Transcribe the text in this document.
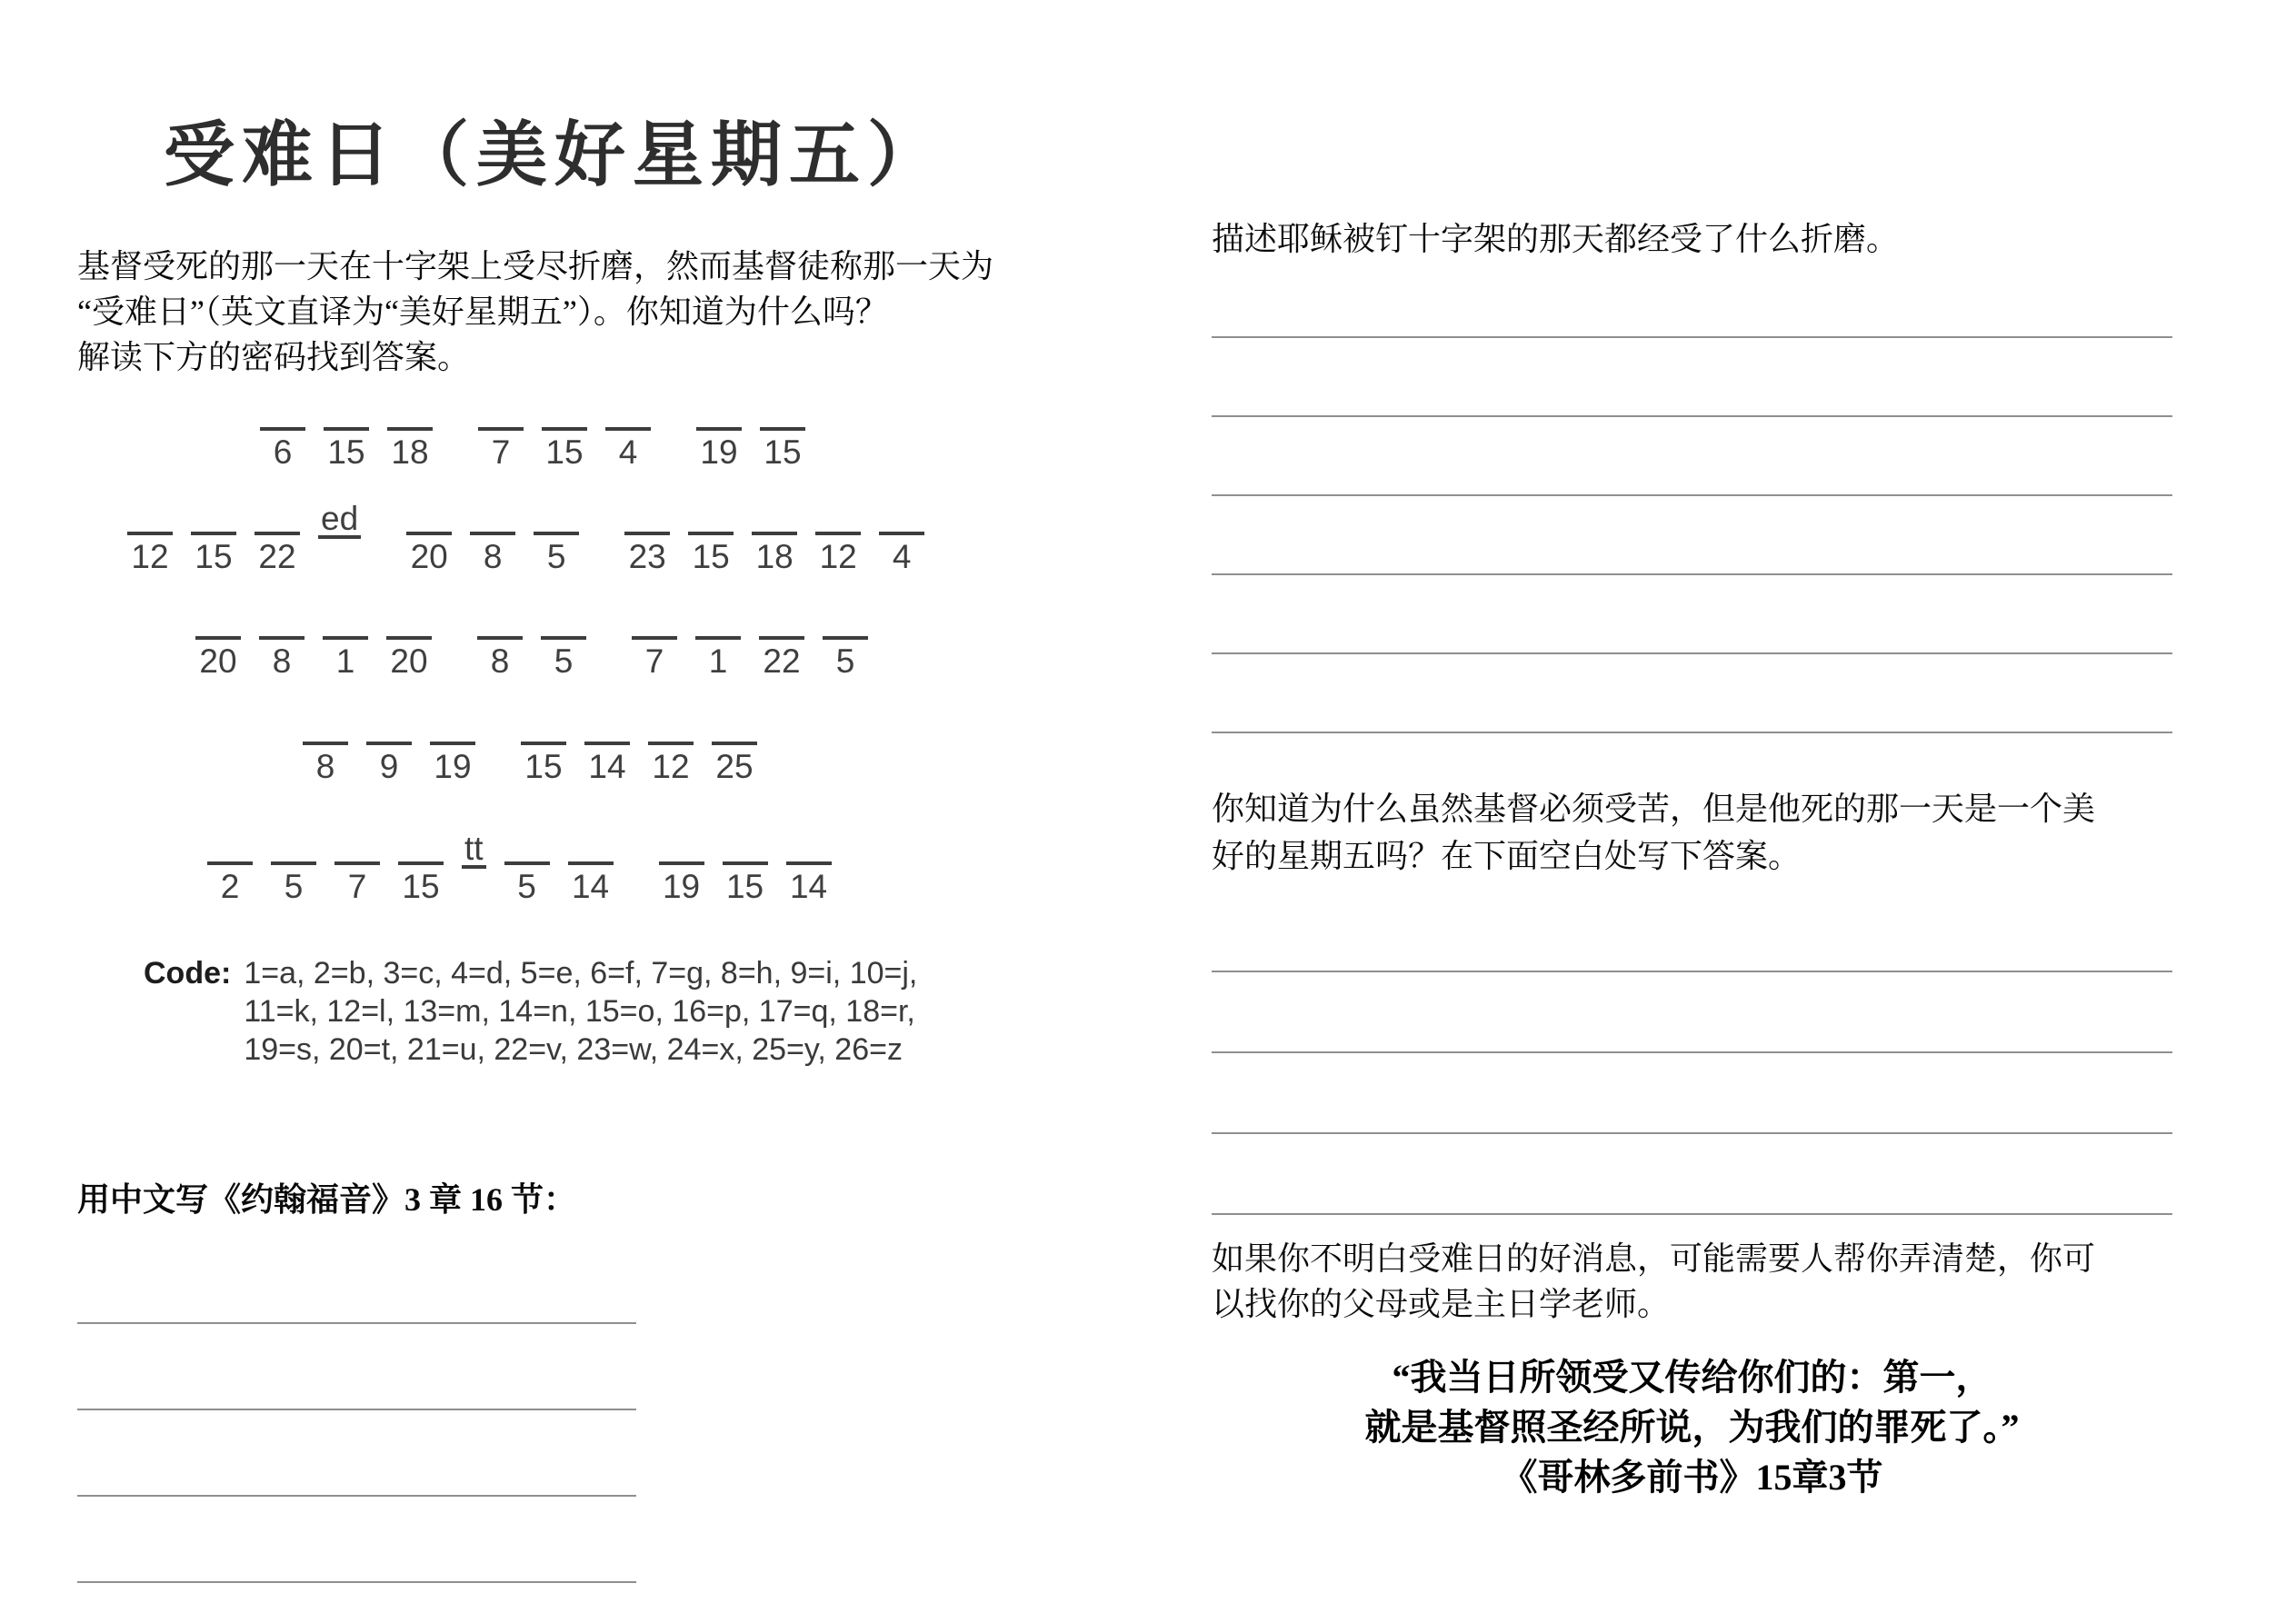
受难日（美好星期五）
基督受死的那一天在十字架上受尽折磨，然而基督徒称那一天为
“受难日”（英文直译为“美好星期五”）。你知道为什么吗？
解读下方的密码找到答案。
6	15 18	7	15	4	19 15
12 15 22
ed
20	8	5	23 15 18 12	4
20	8	1	20	8	5	7	1	22	5
8	9	19 15 14 12 25
2	5	7	15
tt
5	14 19 15 14
Code: 1=a, 2=b, 3=c, 4=d, 5=e, 6=f, 7=g, 8=h, 9=i, 10=j,
11=k, 12=l, 13=m, 14=n, 15=o, 16=p, 17=q, 18=r,
19=s, 20=t, 21=u, 22=v, 23=w, 24=x, 25=y, 26=z
用中文写《约翰福音》3 章 16 节：
描述耶稣被钉十字架的那天都经受了什么折磨。
你知道为什么虽然基督必须受苦，但是他死的那一天是一个美
好的星期五吗？在下面空白处写下答案。
如果你不明白受难日的好消息，可能需要人帮你弄清楚，你可
以找你的父母或是主日学老师。
“我当日所领受又传给你们的：第一，
就是基督照圣经所说，为我们的罪死了。”
《哥林多前书》15章3节
